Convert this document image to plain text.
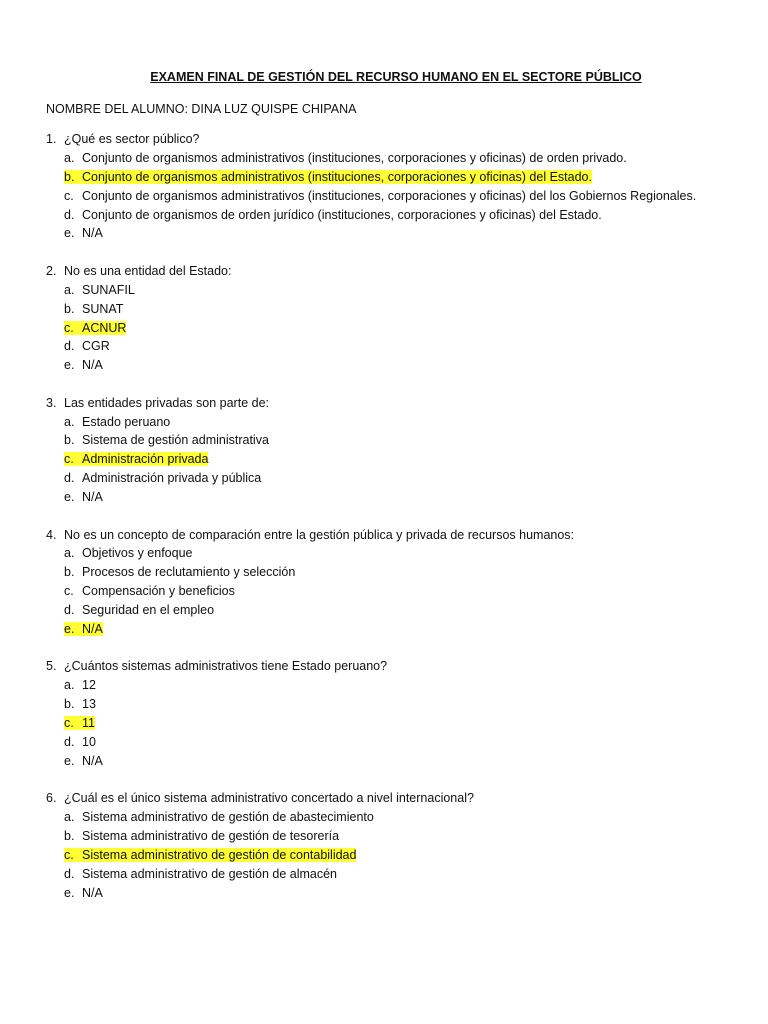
EXAMEN FINAL DE GESTIÓN DEL RECURSO HUMANO EN EL SECTORE PÚBLICO
NOMBRE DEL ALUMNO: DINA LUZ QUISPE CHIPANA
1. ¿Qué es sector público?
a. Conjunto de organismos administrativos (instituciones, corporaciones y oficinas) de orden privado.
b. Conjunto de organismos administrativos (instituciones, corporaciones y oficinas) del Estado.
c. Conjunto de organismos administrativos (instituciones, corporaciones y oficinas) del los Gobiernos Regionales.
d. Conjunto de organismos de orden jurídico (instituciones, corporaciones y oficinas) del Estado.
e. N/A
2. No es una entidad del Estado:
a. SUNAFIL
b. SUNAT
c. ACNUR
d. CGR
e. N/A
3. Las entidades privadas son parte de:
a. Estado peruano
b. Sistema de gestión administrativa
c. Administración privada
d. Administración privada y pública
e. N/A
4. No es un concepto de comparación entre la gestión pública y privada de recursos humanos:
a. Objetivos y enfoque
b. Procesos de reclutamiento y selección
c. Compensación y beneficios
d. Seguridad en el empleo
e. N/A
5. ¿Cuántos sistemas administrativos tiene Estado peruano?
a. 12
b. 13
c. 11
d. 10
e. N/A
6. ¿Cuál es el único sistema administrativo concertado a nivel internacional?
a. Sistema administrativo de gestión de abastecimiento
b. Sistema administrativo de gestión de tesorería
c. Sistema administrativo de gestión de contabilidad
d. Sistema administrativo de gestión de almacén
e. N/A
